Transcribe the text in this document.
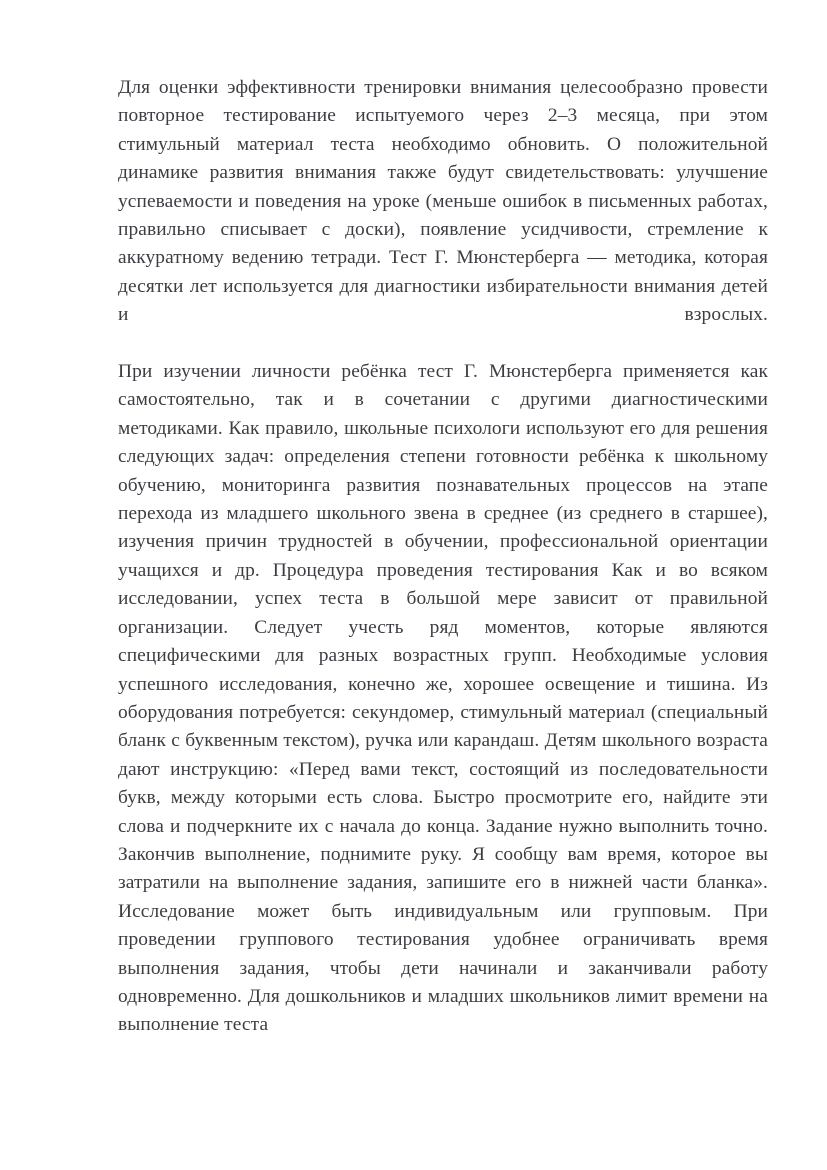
Для оценки эффективности тренировки внимания целесообразно провести повторное тестирование испытуемого через 2–3 месяца, при этом стимульный материал теста необходимо обновить. О положительной динамике развития внимания также будут свидетельствовать: улучшение успеваемости и поведения на уроке (меньше ошибок в письменных работах, правильно списывает с доски), появление усидчивости, стремление к аккуратному ведению тетради. Тест Г. Мюнстерберга — методика, которая десятки лет используется для диагностики избирательности внимания детей и взрослых.

При изучении личности ребёнка тест Г. Мюнстерберга применяется как самостоятельно, так и в сочетании с другими диагностическими методиками. Как правило, школьные психологи используют его для решения следующих задач: определения степени готовности ребёнка к школьному обучению, мониторинга развития познавательных процессов на этапе перехода из младшего школьного звена в среднее (из среднего в старшее), изучения причин трудностей в обучении, профессиональной ориентации учащихся и др. Процедура проведения тестирования Как и во всяком исследовании, успех теста в большой мере зависит от правильной организации. Следует учесть ряд моментов, которые являются специфическими для разных возрастных групп. Необходимые условия успешного исследования, конечно же, хорошее освещение и тишина. Из оборудования потребуется: секундомер, стимульный материал (специальный бланк с буквенным текстом), ручка или карандаш. Детям школьного возраста дают инструкцию: «Перед вами текст, состоящий из последовательности букв, между которыми есть слова. Быстро просмотрите его, найдите эти слова и подчеркните их с начала до конца. Задание нужно выполнить точно. Закончив выполнение, поднимите руку. Я сообщу вам время, которое вы затратили на выполнение задания, запишите его в нижней части бланка». Исследование может быть индивидуальным или групповым. При проведении группового тестирования удобнее ограничивать время выполнения задания, чтобы дети начинали и заканчивали работу одновременно. Для дошкольников и младших школьников лимит времени на выполнение теста
